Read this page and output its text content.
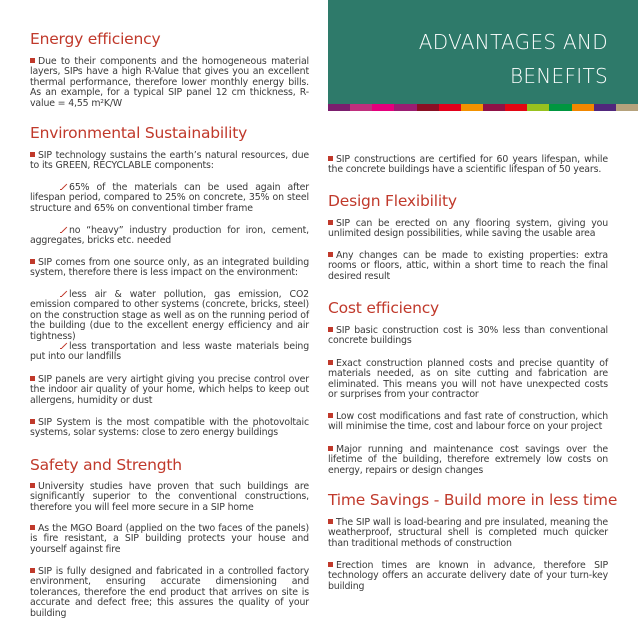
ADVANTAGES AND
BENEFITS
Energy efficiency

Due to their components and the homogeneous material layers, SIPs have a high R-Value that gives you an excellent thermal performance, therefore lower monthly energy bills. As an example, for a typical SIP panel 12 cm thickness, R-value = 4,55 m²K/W

Environmental Sustainability

SIP technology sustains the earth’s natural resources, due to its GREEN, RECYCLABLE components:

65% of the materials can be used again after lifespan period, compared to 25% on concrete, 35% on steel structure and 65% on conventional timber frame

no “heavy” industry production for iron, cement, aggregates, bricks etc. needed

SIP comes from one source only, as an integrated building system, therefore there is less impact on the environment:

less air & water pollution, gas emission, CO2 emission compared to other systems (concrete, bricks, steel) on the construction stage as well as on the running period of the building (due to the excellent energy efficiency and air tightness)

less transportation and less waste materials being put into our landfills

SIP panels are very airtight giving you precise control over the indoor air quality of your home, which helps to keep out allergens, humidity or dust

SIP System is the most compatible with the photovoltaic systems, solar systems: close to zero energy buildings

Safety and Strength

University studies have proven that such buildings are significantly superior to the conventional constructions, therefore you will feel more secure in a SIP home

As the MGO Board (applied on the two faces of the panels) is fire resistant, a SIP building protects your house and yourself against fire

SIP is fully designed and fabricated in a controlled factory environment, ensuring accurate dimensioning and tolerances, therefore the end product that arrives on site is accurate and defect free; this assures the quality of your building

SIP constructions are certified for 60 years lifespan, while the concrete buildings have a scientific lifespan of 50 years.

Design Flexibility

SIP can be erected on any flooring system, giving you unlimited design possibilities, while saving the usable area

Any changes can be made to existing properties: extra rooms or floors, attic, within a short time to reach the final desired result

Cost efficiency

SIP basic construction cost is 30% less than conventional concrete buildings

Exact construction planned costs and precise quantity of materials needed, as on site cutting and fabrication are eliminated. This means you will not have unexpected costs or surprises from your contractor

Low cost modifications and fast rate of construction, which will minimise the time, cost and labour force on your project

Major running and maintenance cost savings over the lifetime of the building, therefore extremely low costs on energy, repairs or design changes

Time Savings - Build more in less time

The SIP wall is load-bearing and pre insulated, meaning the weatherproof, structural shell is completed much quicker than traditional methods of construction

Erection times are known in advance, therefore SIP technology offers an accurate delivery date of your turn-key building
